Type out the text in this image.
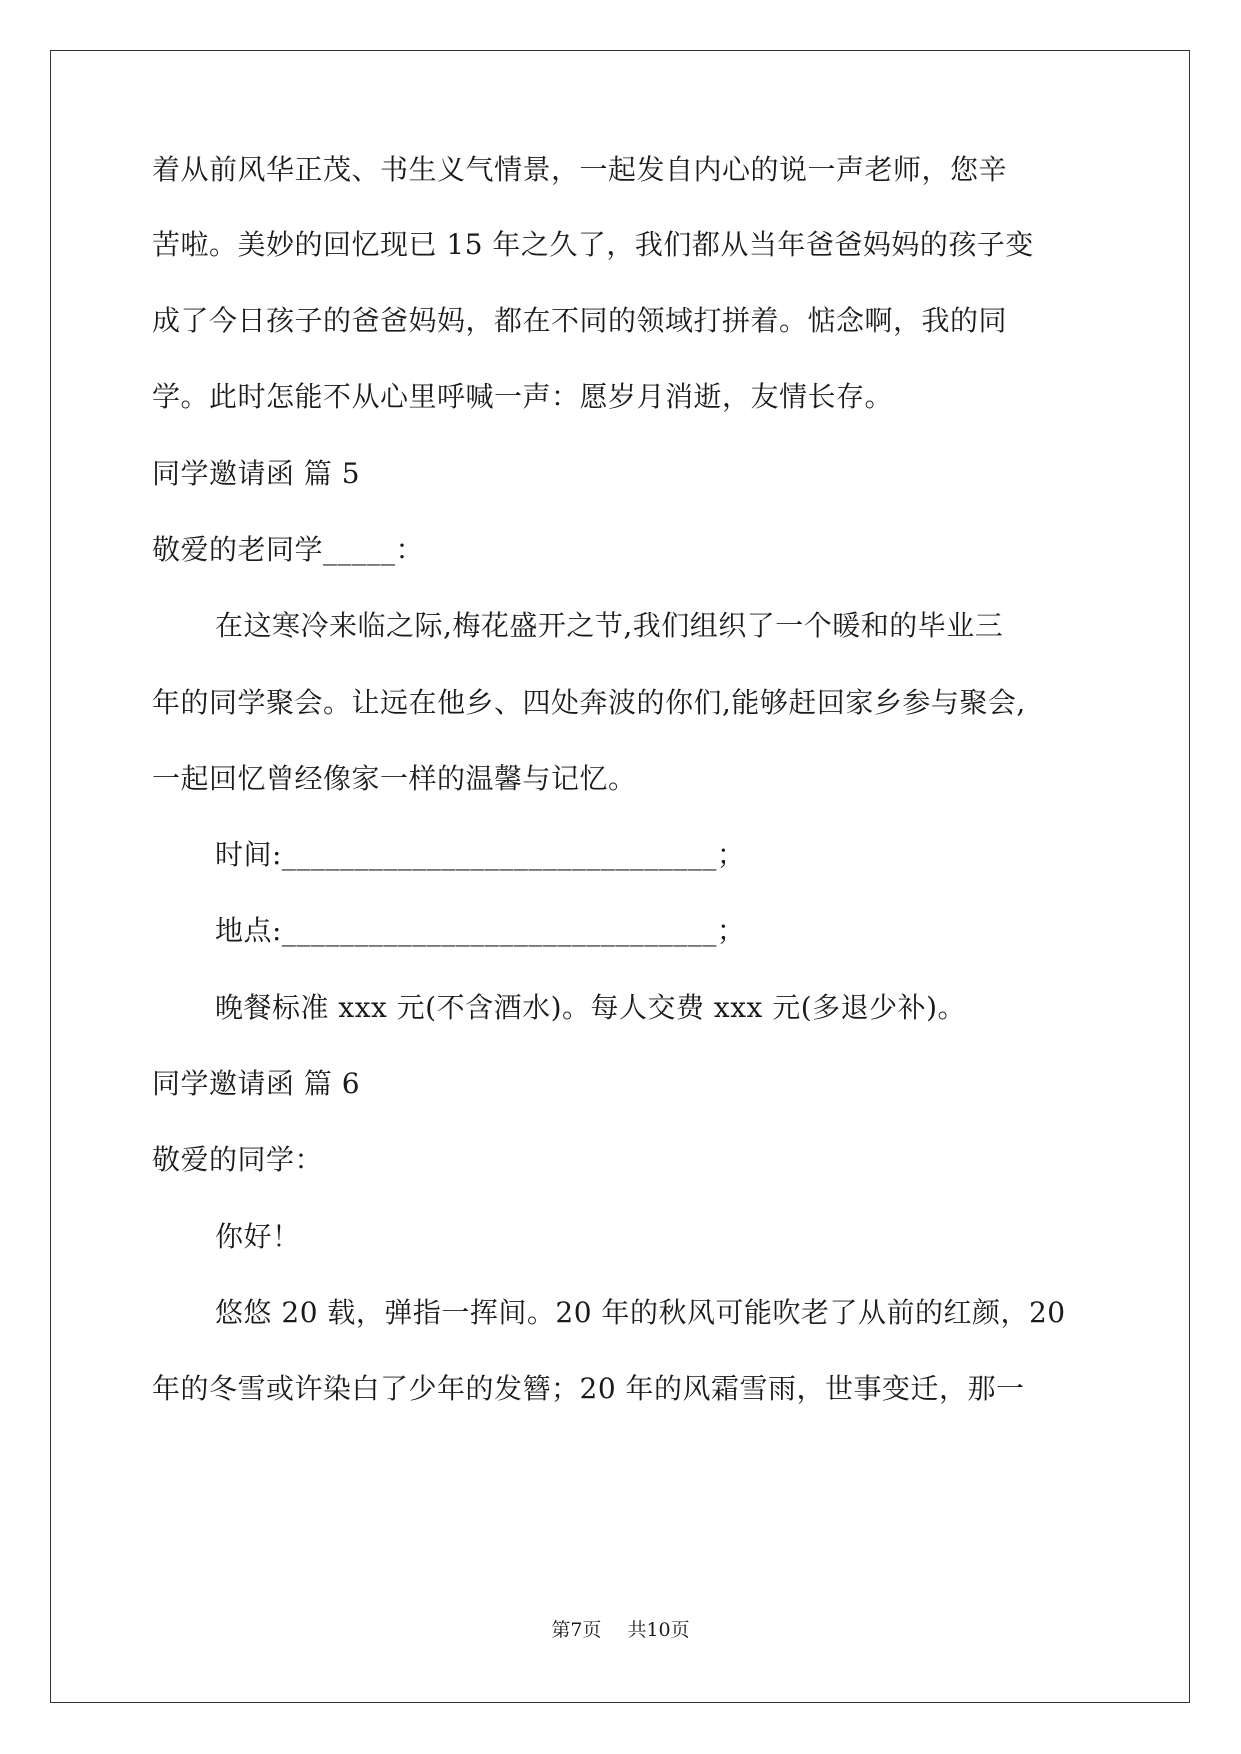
着从前风华正茂、书生义气情景，一起发自内心的说一声老师，您辛
苦啦。美妙的回忆现已 15 年之久了，我们都从当年爸爸妈妈的孩子变
成了今日孩子的爸爸妈妈，都在不同的领域打拼着。惦念啊，我的同
学。此时怎能不从心里呼喊一声：愿岁月消逝，友情长存。
同学邀请函 篇 5
敬爱的老同学_____：
在这寒冷来临之际,梅花盛开之节,我们组织了一个暖和的毕业三
年的同学聚会。让远在他乡、四处奔波的你们,能够赶回家乡参与聚会,
一起回忆曾经像家一样的温馨与记忆。
时间:______________________________；
地点:______________________________；
晚餐标准 xxx 元(不含酒水)。每人交费 xxx 元(多退少补)。
同学邀请函 篇 6
敬爱的同学：
你好！
悠悠 20 载，弹指一挥间。20 年的秋风可能吹老了从前的红颜，20
年的冬雪或许染白了少年的发簪；20 年的风霜雪雨，世事变迁，那一
第7页 共10页
